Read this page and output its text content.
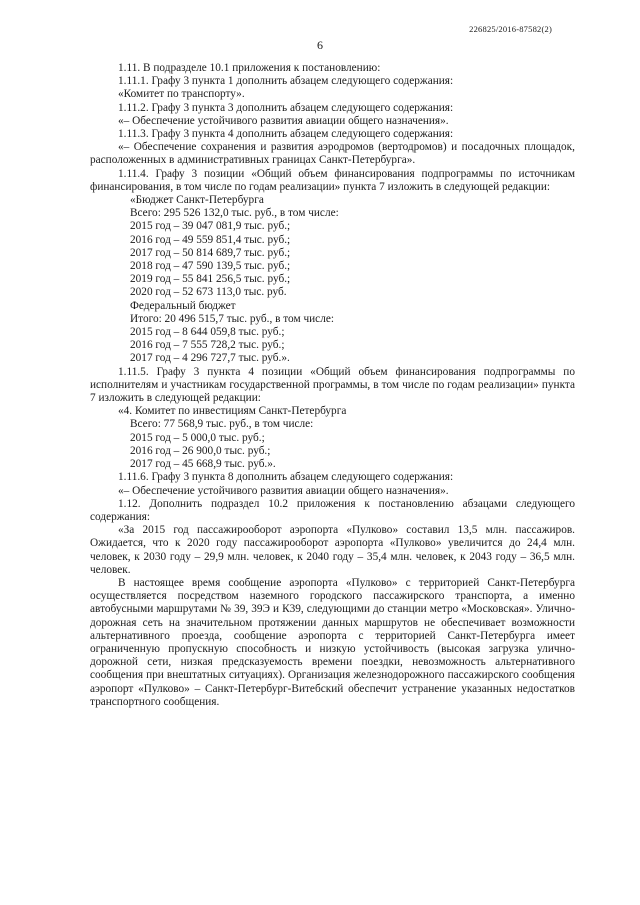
226825/2016-87582(2)
6

1.11. В подразделе 10.1 приложения к постановлению:

1.11.1. Графу 3 пункта 1 дополнить абзацем следующего содержания:

«Комитет по транспорту».

1.11.2. Графу 3 пункта 3 дополнить абзацем следующего содержания:

«– Обеспечение устойчивого развития авиации общего назначения».

1.11.3. Графу 3 пункта 4 дополнить абзацем следующего содержания:

«– Обеспечение сохранения и развития аэродромов (вертодромов) и посадочных площадок, расположенных в административных границах Санкт-Петербурга».

1.11.4. Графу 3 позиции «Общий объем финансирования подпрограммы по источникам финансирования, в том числе по годам реализации» пункта 7 изложить в следующей редакции:

«Бюджет Санкт-Петербурга
Всего: 295 526 132,0 тыс. руб., в том числе:
2015 год – 39 047 081,9 тыс. руб.;
2016 год – 49 559 851,4 тыс. руб.;
2017 год – 50 814 689,7 тыс. руб.;
2018 год – 47 590 139,5 тыс. руб.;
2019 год – 55 841 256,5 тыс. руб.;
2020 год – 52 673 113,0 тыс. руб.
Федеральный бюджет
Итого: 20 496 515,7 тыс. руб., в том числе:
2015 год – 8 644 059,8 тыс. руб.;
2016 год – 7 555 728,2 тыс. руб.;
2017 год – 4 296 727,7 тыс. руб.».

1.11.5. Графу 3 пункта 4 позиции «Общий объем финансирования подпрограммы по исполнителям и участникам государственной программы, в том числе по годам реализации» пункта 7 изложить в следующей редакции:

«4. Комитет по инвестициям Санкт-Петербурга
Всего: 77 568,9 тыс. руб., в том числе:
2015 год – 5 000,0 тыс. руб.;
2016 год – 26 900,0 тыс. руб.;
2017 год – 45 668,9 тыс. руб.».

1.11.6. Графу 3 пункта 8 дополнить абзацем следующего содержания:

«– Обеспечение устойчивого развития авиации общего назначения».

1.12. Дополнить подраздел 10.2 приложения к постановлению абзацами следующего содержания:

«За 2015 год пассажирооборот аэропорта «Пулково» составил 13,5 млн. пассажиров. Ожидается, что к 2020 году пассажирооборот аэропорта «Пулково» увеличится до 24,4 млн. человек, к 2030 году – 29,9 млн. человек, к 2040 году – 35,4 млн. человек, к 2043 году – 36,5 млн. человек.

В настоящее время сообщение аэропорта «Пулково» с территорией Санкт-Петербурга осуществляется посредством наземного городского пассажирского транспорта, а именно автобусными маршрутами № 39, 39Э и К39, следующими до станции метро «Московская». Улично-дорожная сеть на значительном протяжении данных маршрутов не обеспечивает возможности альтернативного проезда, сообщение аэропорта с территорией Санкт-Петербурга имеет ограниченную пропускную способность и низкую устойчивость (высокая загрузка улично-дорожной сети, низкая предсказуемость времени поездки, невозможность альтернативного сообщения при внештатных ситуациях). Организация железнодорожного пассажирского сообщения аэропорт «Пулково» – Санкт-Петербург-Витебский обеспечит устранение указанных недостатков транспортного сообщения.
